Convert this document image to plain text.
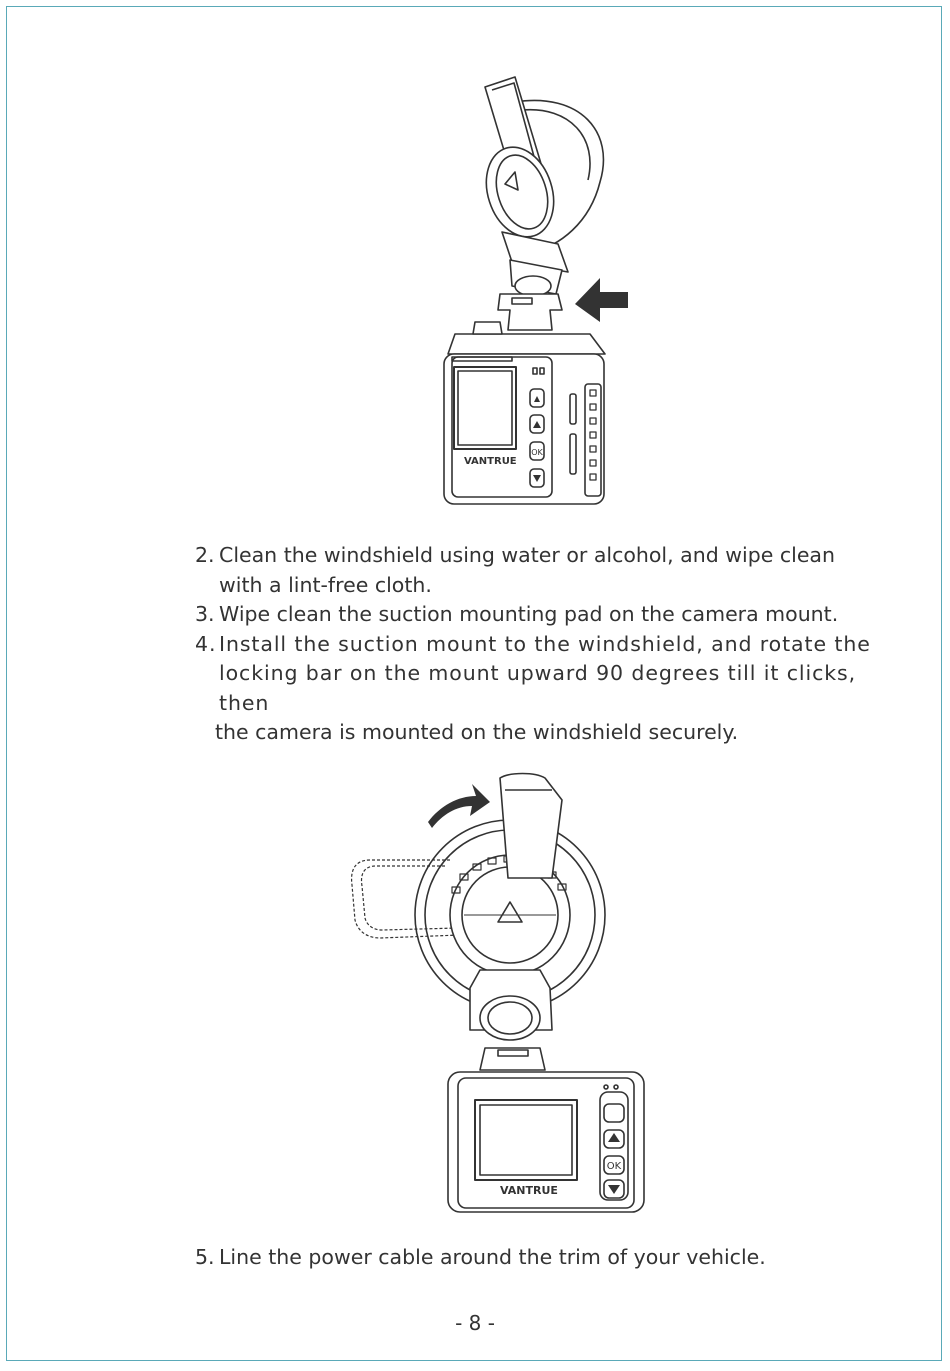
OK
VANTRUE

2. Clean the windshield using water or alcohol, and wipe clean
with a lint-free cloth.

3. Wipe clean the suction mounting pad on the camera mount.

4. Install the suction mount to the windshield, and rotate the
locking bar on the mount upward 90 degrees till it clicks, then
the camera is mounted on the windshield securely.

OK
VANTRUE

5. Line the power cable around the trim of your vehicle.

- 8 -
